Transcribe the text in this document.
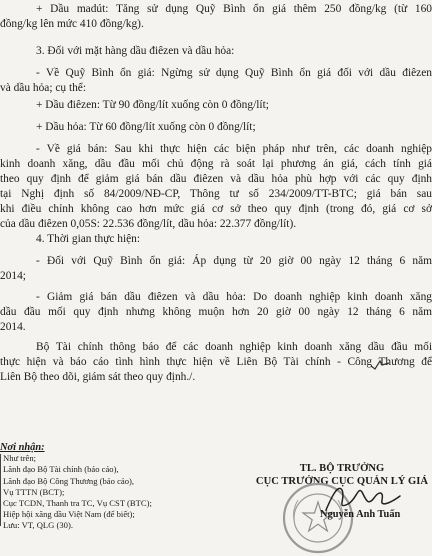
+ Dầu madút: Tăng sử dụng Quỹ Bình ổn giá thêm 250 đồng/kg (từ 160
đồng/kg lên mức 410 đồng/kg).
3. Đối với mặt hàng dầu điêzen và dầu hỏa:
- Về Quỹ Bình ổn giá: Ngừng sử dụng Quỹ Bình ổn giá đối với dầu điêzen
và dầu hỏa; cụ thể:
+ Dầu điêzen: Từ 90 đồng/lít xuống còn 0 đồng/lít;
+ Dầu hỏa: Từ 60 đồng/lít xuống còn 0 đồng/lít;
- Về giá bán: Sau khi thực hiện các biện pháp như trên, các doanh nghiệp
kinh doanh xăng, dầu đầu mối chủ động rà soát lại phương án giá, cách tính giá
theo quy định để giảm giá bán dầu điêzen và dầu hỏa phù hợp với các quy định
tại Nghị định số 84/2009/NĐ-CP, Thông tư số 234/2009/TT-BTC; giá bán sau
khi điều chỉnh không cao hơn mức giá cơ sở theo quy định (trong đó, giá cơ sở
của dầu điêzen 0,05S: 22.536 đồng/lít, dầu hỏa: 22.377 đồng/lít).
4. Thời gian thực hiện:
- Đối với Quỹ Bình ổn giá: Áp dụng từ 20 giờ 00 ngày 12 tháng 6 năm
2014;
- Giảm giá bán dầu điêzen và dầu hỏa: Do doanh nghiệp kinh doanh xăng
dầu đầu mối quy định nhưng không muộn hơn 20 giờ 00 ngày 12 tháng 6 năm
2014.
Bộ Tài chính thông báo để các doanh nghiệp kinh doanh xăng dầu đầu mối
thực hiện và báo cáo tình hình thực hiện về Liên Bộ Tài chính - Công Thương để
Liên Bộ theo dõi, giám sát theo quy định./.
Nơi nhận:
Như trên;
Lãnh đạo Bộ Tài chính (báo cáo),
Lãnh đạo Bộ Công Thương (báo cáo),
Vụ TTTN (BCT);
Cục TCDN, Thanh tra TC, Vụ CST (BTC);
Hiệp hội xăng dầu Việt Nam (để biết);
Lưu: VT, QLG (30).
TL. BỘ TRƯỞNG
CỤC TRƯỞNG CỤC QUẢN LÝ GIÁ
Nguyễn Anh Tuấn
